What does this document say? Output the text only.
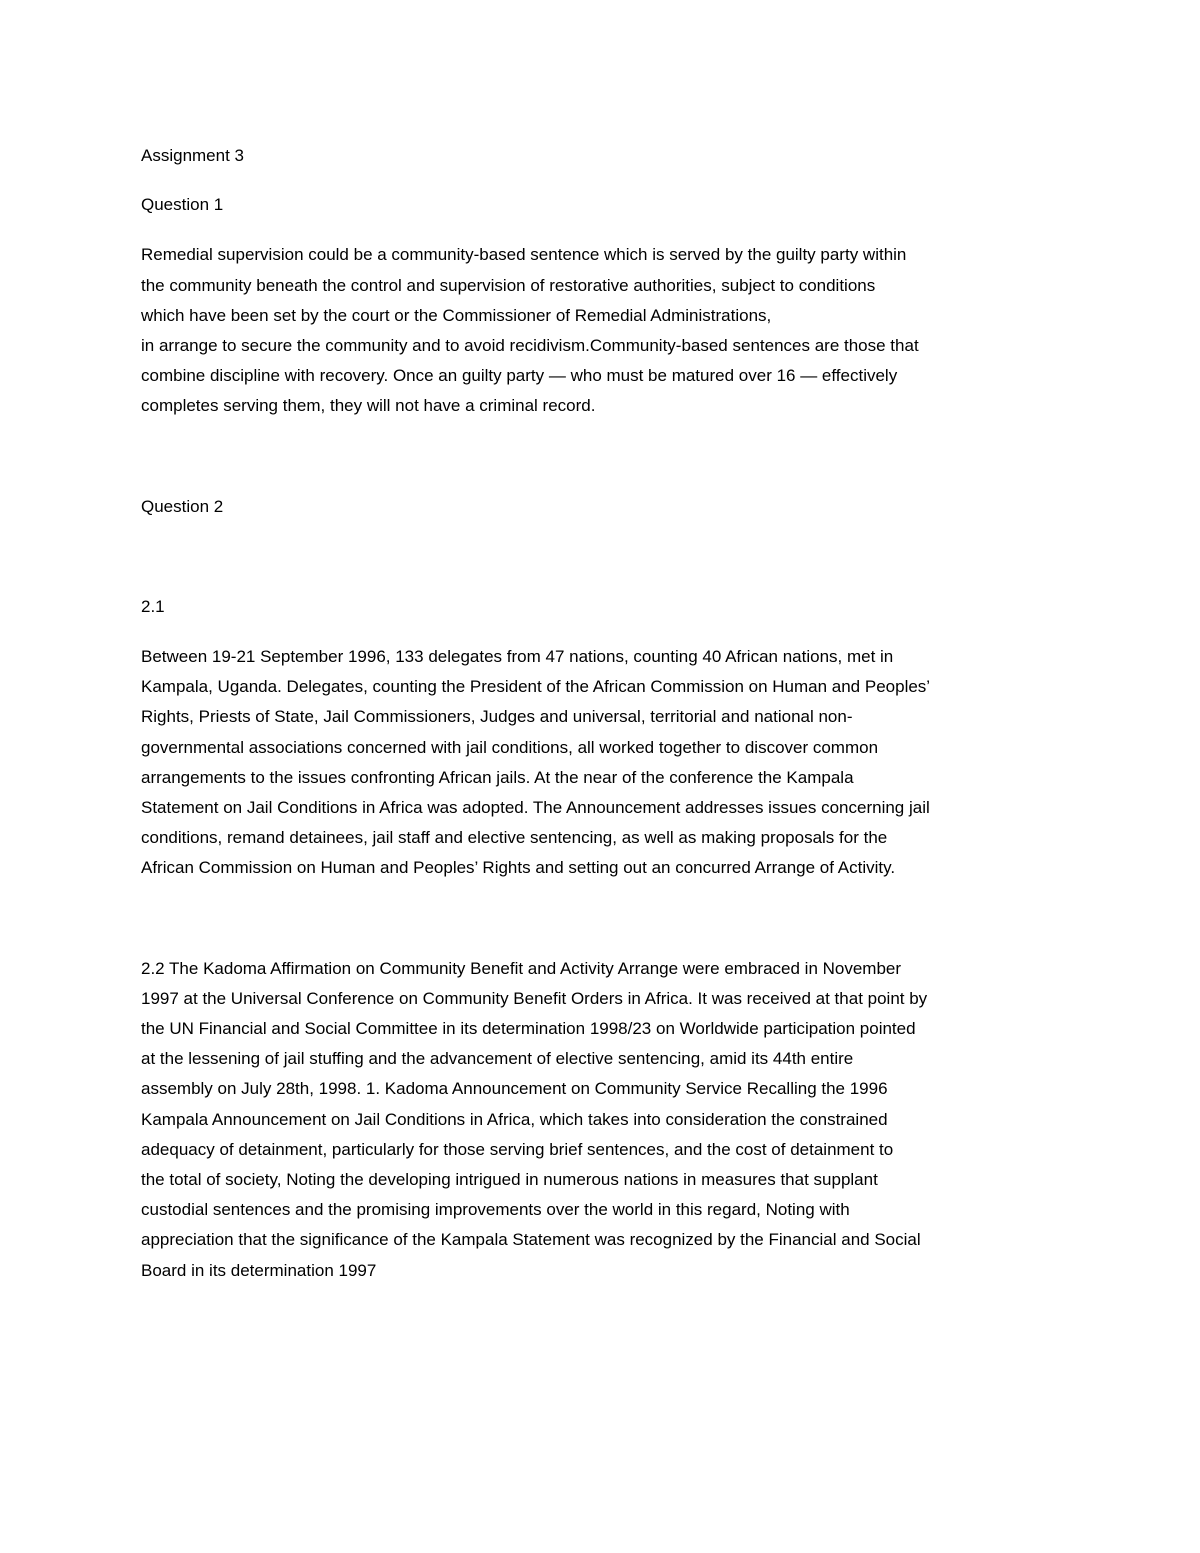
Assignment 3

Question 1

Remedial supervision could be a community-based sentence which is served by the guilty party within
the community beneath the control and supervision of restorative authorities, subject to conditions
which have been set by the court or the Commissioner of Remedial Administrations,
in arrange to secure the community and to avoid recidivism.Community-based sentences are those that
combine discipline with recovery. Once an guilty party — who must be matured over 16 — effectively
completes serving them, they will not have a criminal record.

Question 2

2.1

Between 19-21 September 1996, 133 delegates from 47 nations, counting 40 African nations, met in
Kampala, Uganda. Delegates, counting the President of the African Commission on Human and Peoples’
Rights, Priests of State, Jail Commissioners, Judges and universal, territorial and national non-
governmental associations concerned with jail conditions, all worked together to discover common
arrangements to the issues confronting African jails. At the near of the conference the Kampala
Statement on Jail Conditions in Africa was adopted. The Announcement addresses issues concerning jail
conditions, remand detainees, jail staff and elective sentencing, as well as making proposals for the
African Commission on Human and Peoples’ Rights and setting out an concurred Arrange of Activity.

2.2 The Kadoma Affirmation on Community Benefit and Activity Arrange were embraced in November
1997 at the Universal Conference on Community Benefit Orders in Africa. It was received at that point by
the UN Financial and Social Committee in its determination 1998/23 on Worldwide participation pointed
at the lessening of jail stuffing and the advancement of elective sentencing, amid its 44th entire
assembly on July 28th, 1998. 1. Kadoma Announcement on Community Service Recalling the 1996
Kampala Announcement on Jail Conditions in Africa, which takes into consideration the constrained
adequacy of detainment, particularly for those serving brief sentences, and the cost of detainment to
the total of society, Noting the developing intrigued in numerous nations in measures that supplant
custodial sentences and the promising improvements over the world in this regard, Noting with
appreciation that the significance of the Kampala Statement was recognized by the Financial and Social
Board in its determination 1997
